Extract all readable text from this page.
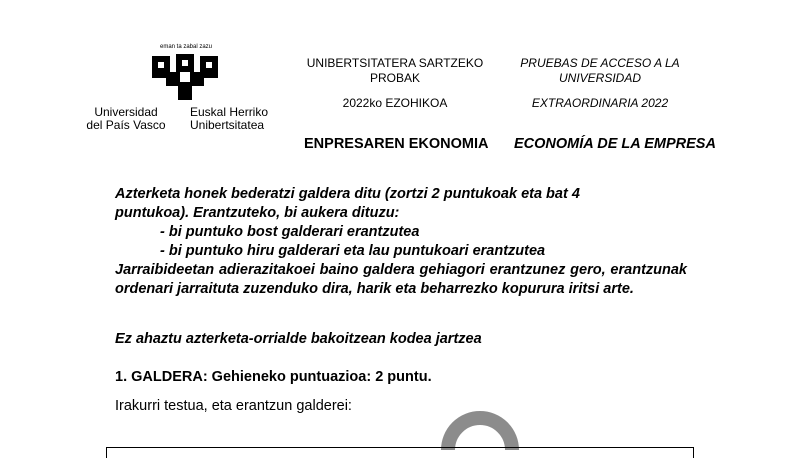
eman ta zabal zazu
Universidad
del País Vasco
Euskal Herriko
Unibertsitatea
UNIBERTSITATERA SARTZEKO
PROBAK
2022ko EZOHIKOA
PRUEBAS DE ACCESO A LA
UNIVERSIDAD
EXTRAORDINARIA 2022
ENPRESAREN EKONOMIA ECONOMÍA DE LA EMPRESA

Azterketa honek bederatzi galdera ditu (zortzi 2 puntukoak eta bat 4

puntukoa). Erantzuteko, bi aukera dituzu:

- bi puntuko bost galderari erantzutea

- bi puntuko hiru galderari eta lau puntukoari erantzutea

Jarraibideetan adierazitakoei baino galdera gehiagori erantzunez gero, erantzunak ordenari jarraituta zuzenduko dira, harik eta beharrezko kopurura iritsi arte.

Ez ahaztu azterketa-orrialde bakoitzean kodea jartzea
1. GALDERA: Gehieneko puntuazioa: 2 puntu.
Irakurri testua, eta erantzun galderei:
